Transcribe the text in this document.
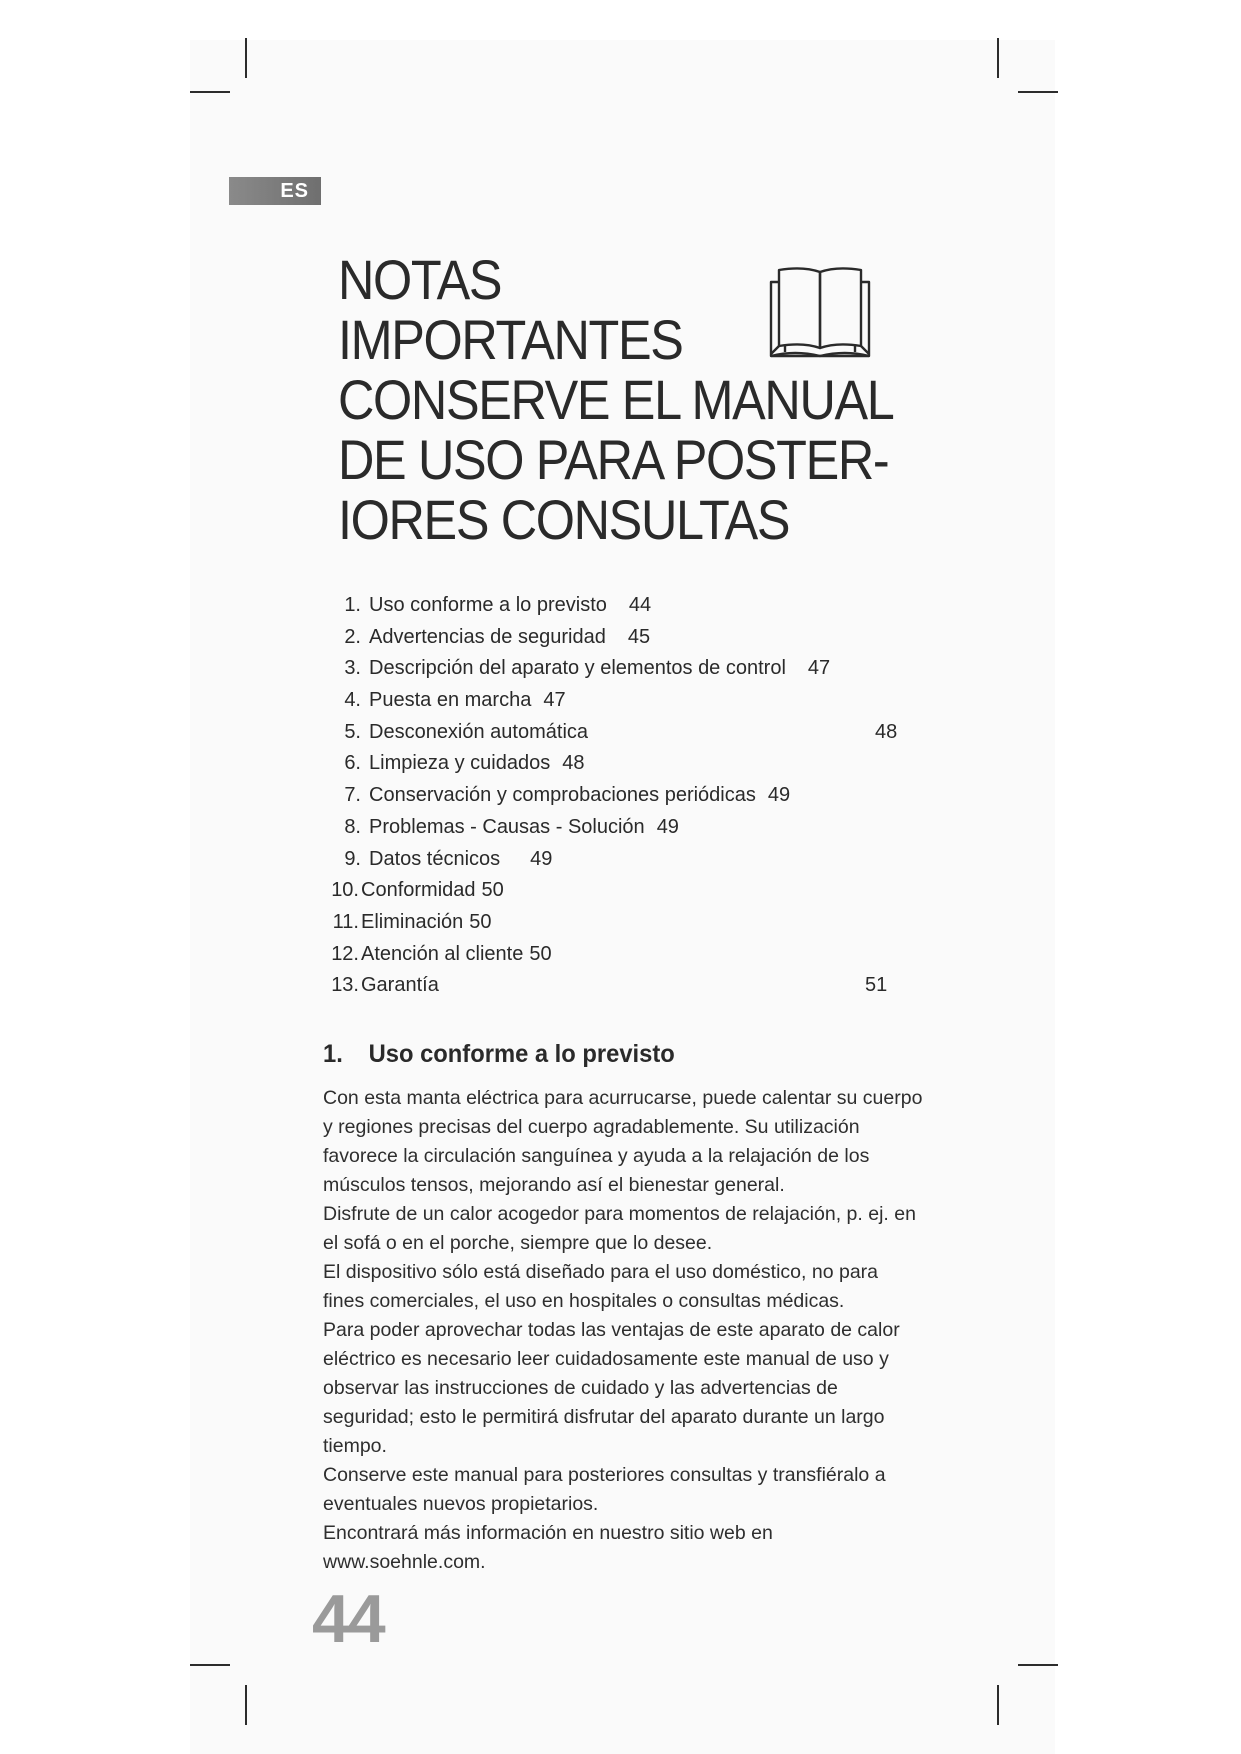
ES
NOTAS
IMPORTANTES
CONSERVE EL MANUAL
DE USO PARA POSTER-
IORES CONSULTAS
1. Uso conforme a lo previsto 44
2. Advertencias de seguridad 45
3. Descripción del aparato y elementos de control 47
4. Puesta en marcha 47
5. Desconexión automática	48
6. Limpieza y cuidados 48
7. Conservación y comprobaciones periódicas 49
8. Problemas - Causas - Solución 49
9. Datos técnicos 49
10. Conformidad 50
11. Eliminación 50
12. Atención al cliente 50
13. Garantía	51
1. Uso conforme a lo previsto

Con esta manta eléctrica para acurrucarse, puede calentar su cuerpo y regiones precisas del cuerpo agradablemente. Su utilización favorece la circulación sanguínea y ayuda a la relajación de los músculos tensos, mejorando así el bienestar general.

Disfrute de un calor acogedor para momentos de relajación, p. ej. en el sofá o en el porche, siempre que lo desee.

El dispositivo sólo está diseñado para el uso doméstico, no para fines comerciales, el uso en hospitales o consultas médicas.

Para poder aprovechar todas las ventajas de este aparato de calor eléctrico es necesario leer cuidadosamente este manual de uso y observar las instrucciones de cuidado y las advertencias de seguridad; esto le permitirá disfrutar del aparato durante un largo tiempo.

Conserve este manual para posteriores consultas y transfiéralo a eventuales nuevos propietarios.

Encontrará más información en nuestro sitio web en www.soehnle.com.

44
